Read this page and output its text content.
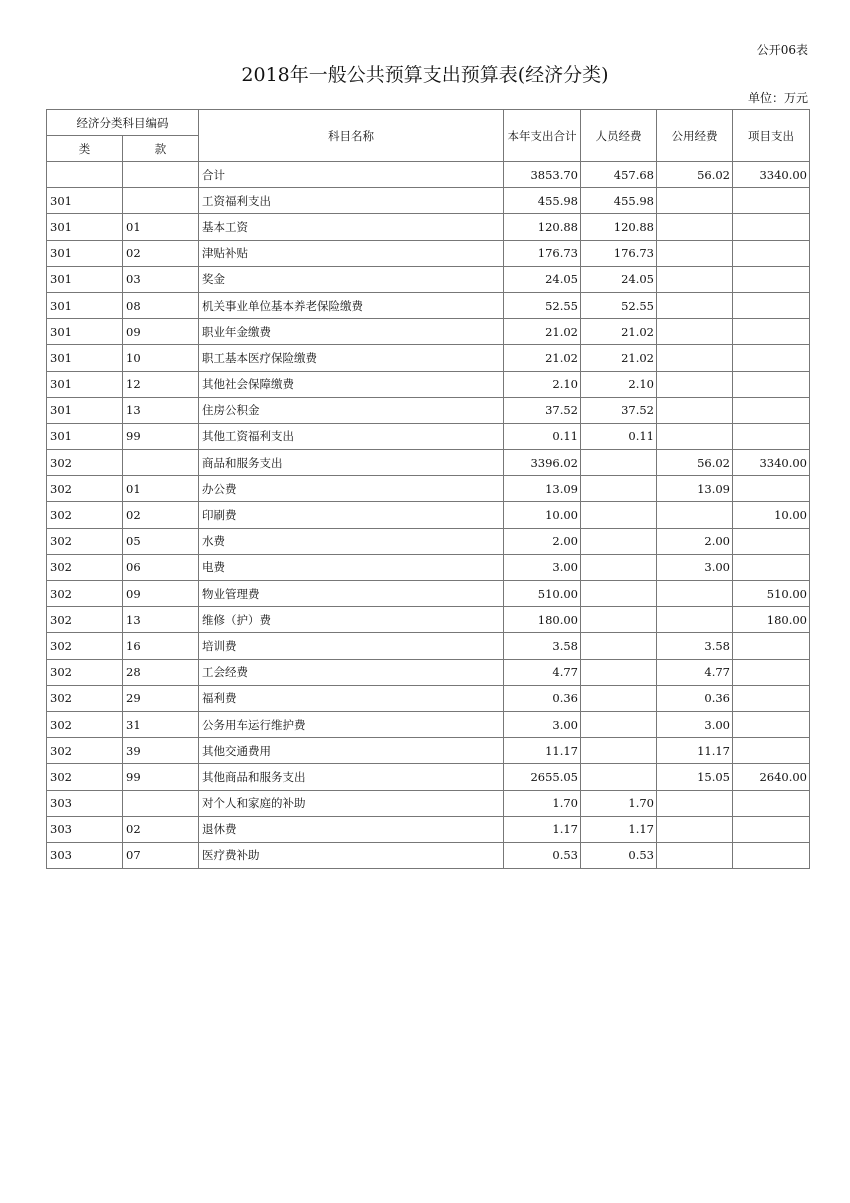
公开06表
2018年一般公共预算支出预算表(经济分类)
单位：万元
经济分类科目编码		科目名称	本年支出合计	人员经费	公用经费	项目支出
类	款					
		合计	3853.70	457.68	56.02	3340.00
301		工资福利支出	455.98	455.98		
301	01	基本工资	120.88	120.88		
301	02	津贴补贴	176.73	176.73		
301	03	奖金	24.05	24.05		
301	08	机关事业单位基本养老保险缴费	52.55	52.55		
301	09	职业年金缴费	21.02	21.02		
301	10	职工基本医疗保险缴费	21.02	21.02		
301	12	其他社会保障缴费	2.10	2.10		
301	13	住房公积金	37.52	37.52		
301	99	其他工资福利支出	0.11	0.11		
302		商品和服务支出	3396.02		56.02	3340.00
302	01	办公费	13.09		13.09	
302	02	印刷费	10.00			10.00
302	05	水费	2.00		2.00	
302	06	电费	3.00		3.00	
302	09	物业管理费	510.00			510.00
302	13	维修（护）费	180.00			180.00
302	16	培训费	3.58		3.58	
302	28	工会经费	4.77		4.77	
302	29	福利费	0.36		0.36	
302	31	公务用车运行维护费	3.00		3.00	
302	39	其他交通费用	11.17		11.17	
302	99	其他商品和服务支出	2655.05		15.05	2640.00
303		对个人和家庭的补助	1.70	1.70		
303	02	退休费	1.17	1.17		
303	07	医疗费补助	0.53	0.53		
